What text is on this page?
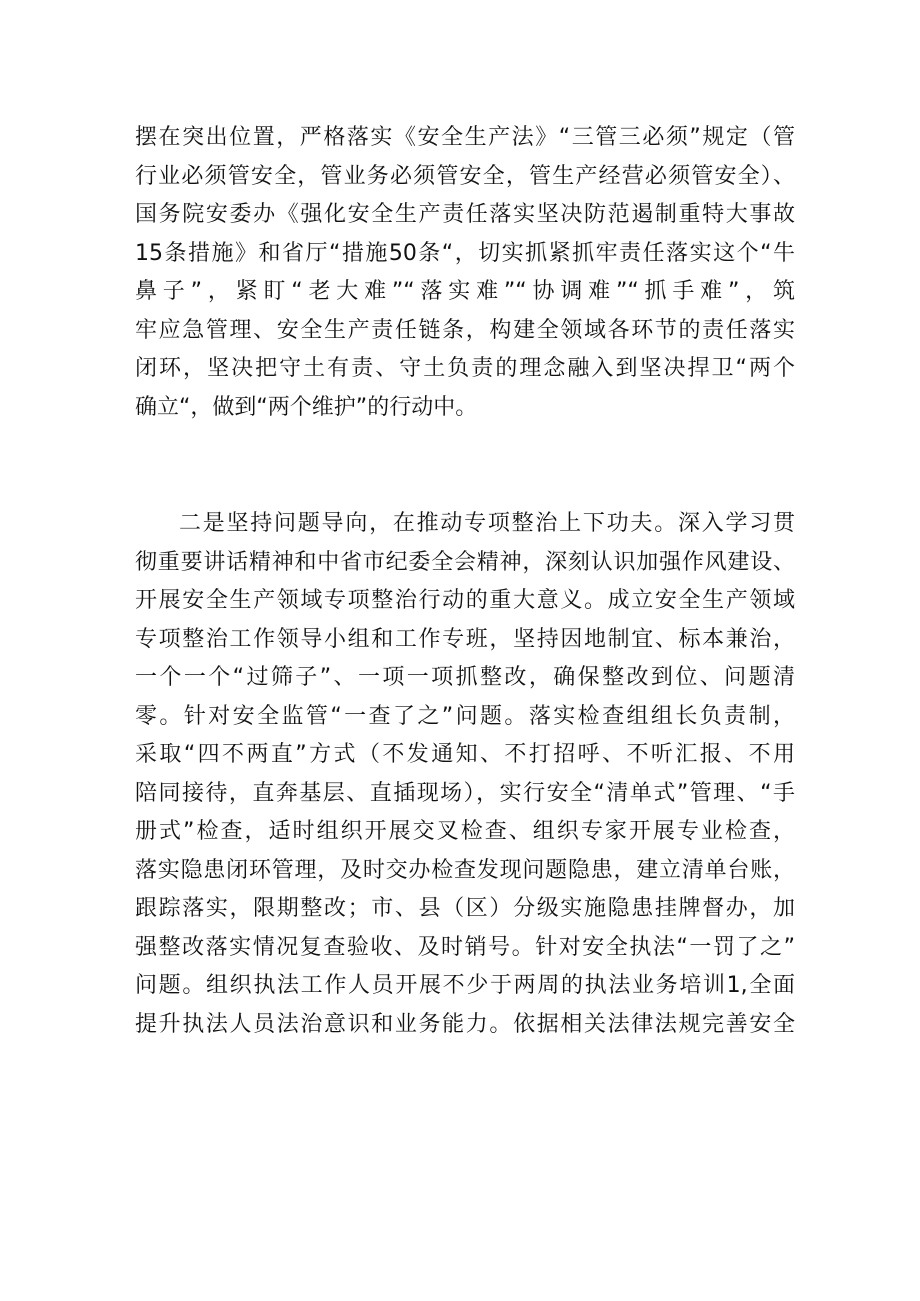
摆在突出位置，严格落实《安全生产法》“三管三必须”规定（管
行业必须管安全，管业务必须管安全，管生产经营必须管安全）、
国务院安委办《强化安全生产责任落实坚决防范遏制重特大事故
15条措施》和省厅“措施50条“，切实抓紧抓牢责任落实这个“牛
鼻子”，紧盯“老大难”“落实难”“协调难”“抓手难”，筑
牢应急管理、安全生产责任链条，构建全领域各环节的责任落实
闭环，坚决把守土有责、守土负责的理念融入到坚决捍卫“两个
确立“，做到“两个维护”的行动中。
二是坚持问题导向，在推动专项整治上下功夫。深入学习贯
彻重要讲话精神和中省市纪委全会精神，深刻认识加强作风建设、
开展安全生产领域专项整治行动的重大意义。成立安全生产领域
专项整治工作领导小组和工作专班，坚持因地制宜、标本兼治，
一个一个“过筛子”、一项一项抓整改，确保整改到位、问题清
零。针对安全监管“一查了之”问题。落实检查组组长负责制，
采取“四不两直”方式（不发通知、不打招呼、不听汇报、不用
陪同接待，直奔基层、直插现场），实行安全“清单式”管理、“手
册式”检查，适时组织开展交叉检查、组织专家开展专业检查，
落实隐患闭环管理，及时交办检查发现问题隐患，建立清单台账，
跟踪落实，限期整改；市、县（区）分级实施隐患挂牌督办，加
强整改落实情况复查验收、及时销号。针对安全执法“一罚了之”
问题。组织执法工作人员开展不少于两周的执法业务培训1,全面
提升执法人员法治意识和业务能力。依据相关法律法规完善安全
